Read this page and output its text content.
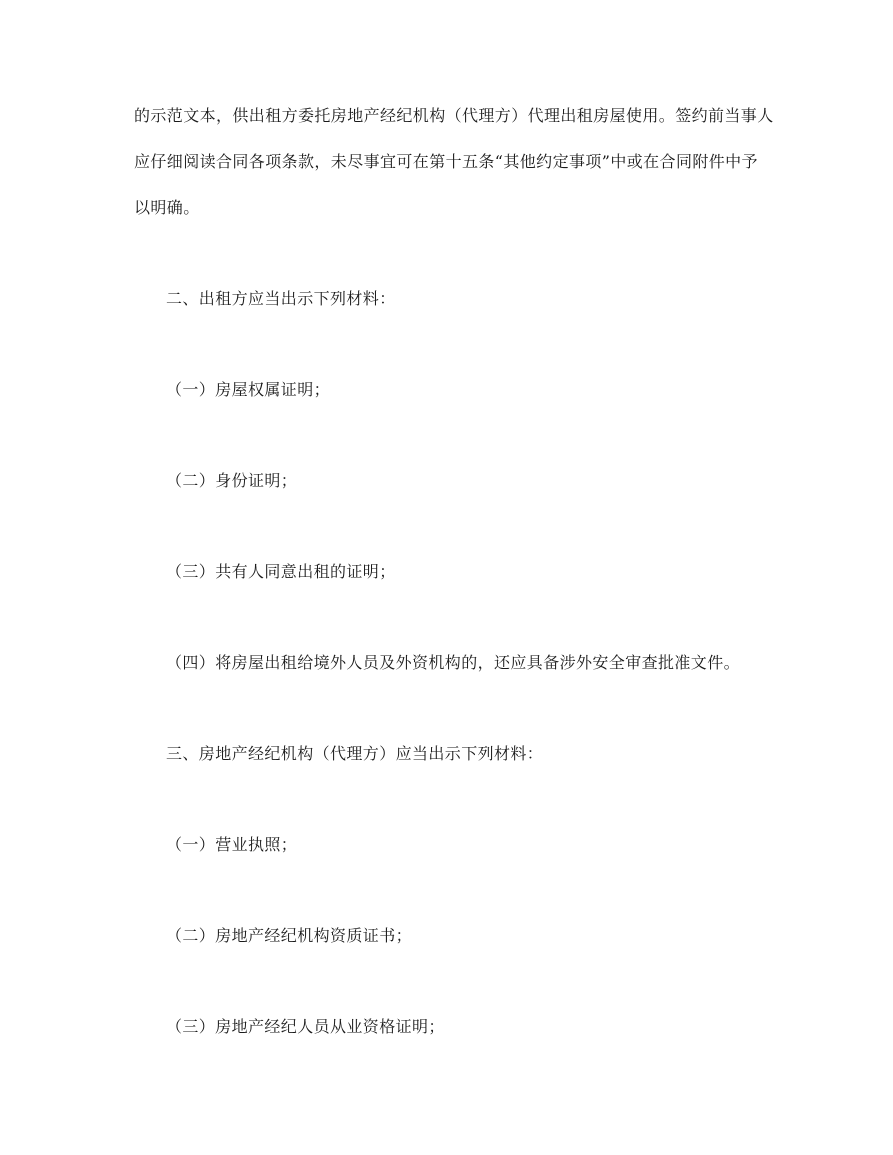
的示范文本，供出租方委托房地产经纪机构（代理方）代理出租房屋使用。签约前当事人应仔细阅读合同各项条款，未尽事宜可在第十五条“其他约定事项”中或在合同附件中予以明确。
二、出租方应当出示下列材料：
（一）房屋权属证明；
（二）身份证明；
（三）共有人同意出租的证明；
（四）将房屋出租给境外人员及外资机构的，还应具备涉外安全审查批准文件。
三、房地产经纪机构（代理方）应当出示下列材料：
（一）营业执照；
（二）房地产经纪机构资质证书；
（三）房地产经纪人员从业资格证明；
